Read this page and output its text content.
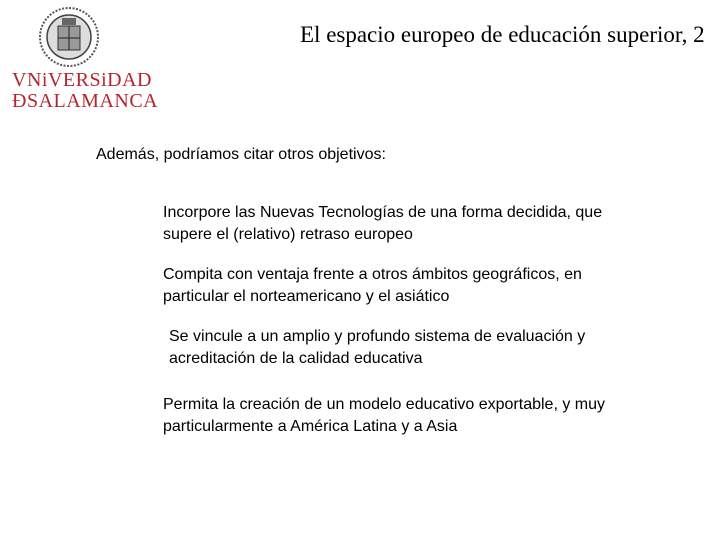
VNiVERSiDAD
ÐSALAMANCA
El espacio europeo de educación superior, 2
Además, podríamos citar otros objetivos:
Incorpore las Nuevas Tecnologías de una forma decidida, que
supere el (relativo) retraso europeo
Compita con ventaja frente a otros ámbitos geográficos, en
particular el norteamericano y el asiático
Se vincule a un amplio y profundo sistema de evaluación y
acreditación de la calidad educativa
Permita la creación de un modelo educativo exportable, y muy
particularmente a América Latina y a Asia
